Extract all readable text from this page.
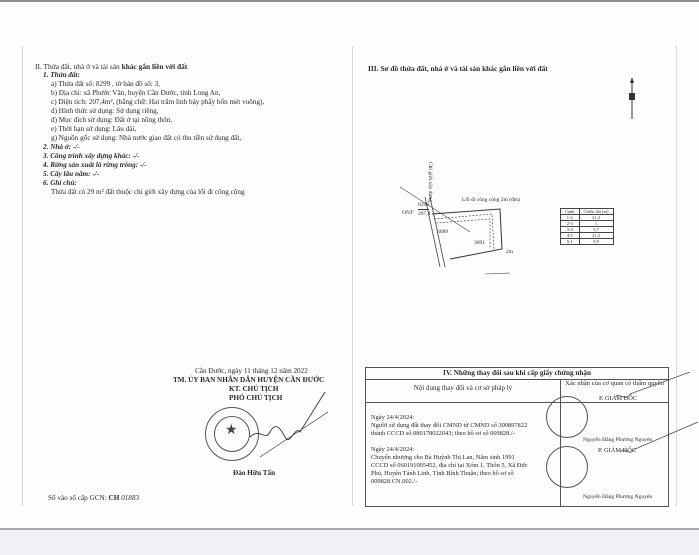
II. Thửa đất, nhà ở và tài sản khác gắn liền với đất
1. Thửa đất:
a) Thửa đất số: 8299 , tờ bản đồ số: 3,
b) Địa chỉ: xã Phước Vân, huyện Cần Đước, tỉnh Long An,
c) Diện tích: 207,4m², (bằng chữ: Hai trăm linh bảy phẩy bốn mét vuông),
d) Hình thức sử dụng: Sử dụng riêng,
đ) Mục đích sử dụng: Đất ở tại nông thôn,
e) Thời hạn sử dụng: Lâu dài,
g) Nguồn gốc sử dụng: Nhà nước giao đất có thu tiền sử dụng đất,
2. Nhà ở: -/-
3. Công trình xây dựng khác: -/-
4. Rừng sản xuất là rừng trồng: -/-
5. Cây lâu năm: -/-
6. Ghi chú:
Thửa đất có 29 m² đất thuộc chỉ giới xây dựng của lối đi công cộng
Cần Đước, ngày 11 tháng 12 năm 2022
TM. ỦY BAN NHÂN DÂN HUYỆN CẦN ĐƯỚC
KT. CHỦ TỊCH
PHÓ CHỦ TỊCH
★
Đào Hữu Tấn
Số vào sổ cấp GCN: CH 01883
III. Sơ đồ thửa đất, nhà ở và tài sản khác gắn liền với đất
Chỉ giới xây dựng	Lối đi công cộng 2m (đm)
ONT
8299
207,4
3089
3091
2m
Cạnh	Chiều dài (m)
1-2	21,3
2-3	1
3-4	9,7
4-5	21,3
5-1	9,9
IV. Những thay đổi sau khi cấp giấy chứng nhận
Nội dung thay đổi và cơ sở pháp lý
Xác nhận của cơ quan có thẩm quyền
Ngày 24/4/2024:
Người sử dụng đất thay đổi CMND từ CMND số 300897822
thành CCCD số 080178022043; theo hồ sơ số 009828./-
Ngày 24/4/2024:
Chuyển nhượng cho Bà Huỳnh Thị Lan, Năm sinh 1991
CCCD số 060191005452, địa chỉ tại Xóm 1, Thôn 5, Xã Đức
Phú, Huyện Tánh Linh, Tỉnh Bình Thuận; theo hồ sơ số
009828.CN.002./-
P. GIÁM ĐỐC
Nguyễn Đăng Phương Nguyên
P. GIÁM ĐỐC
Nguyễn Đăng Phương Nguyên
